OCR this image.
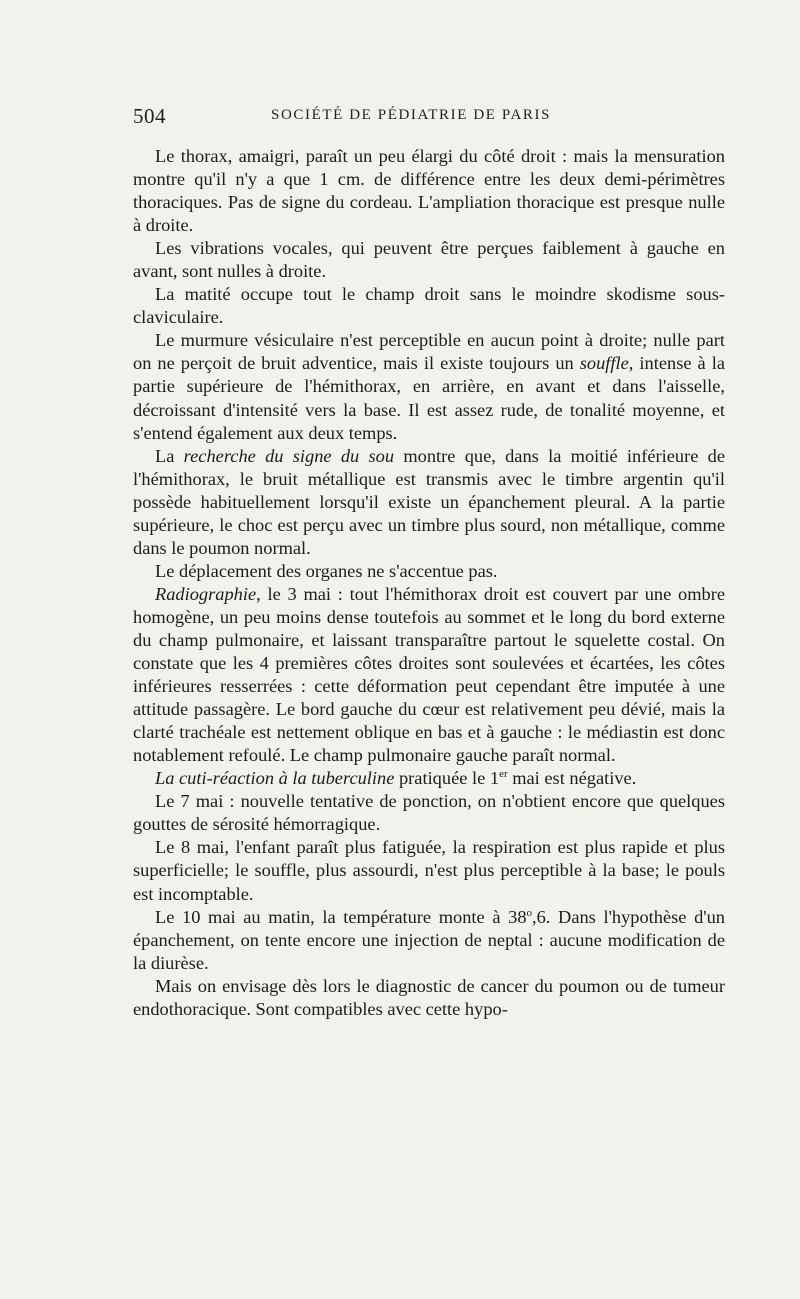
504	SOCIÉTÉ DE PÉDIATRIE DE PARIS

Le thorax, amaigri, paraît un peu élargi du côté droit : mais la mensuration montre qu'il n'y a que 1 cm. de différence entre les deux demi-périmètres thoraciques. Pas de signe du cordeau. L'ampliation thoracique est presque nulle à droite.

Les vibrations vocales, qui peuvent être perçues faiblement à gauche en avant, sont nulles à droite.

La matité occupe tout le champ droit sans le moindre skodisme sous-claviculaire.

Le murmure vésiculaire n'est perceptible en aucun point à droite; nulle part on ne perçoit de bruit adventice, mais il existe toujours un souffle, intense à la partie supérieure de l'hémithorax, en arrière, en avant et dans l'aisselle, décroissant d'intensité vers la base. Il est assez rude, de tonalité moyenne, et s'entend également aux deux temps.

La recherche du signe du sou montre que, dans la moitié inférieure de l'hémithorax, le bruit métallique est transmis avec le timbre argentin qu'il possède habituellement lorsqu'il existe un épanchement pleural. A la partie supérieure, le choc est perçu avec un timbre plus sourd, non métallique, comme dans le poumon normal.

Le déplacement des organes ne s'accentue pas.

Radiographie, le 3 mai : tout l'hémithorax droit est couvert par une ombre homogène, un peu moins dense toutefois au sommet et le long du bord externe du champ pulmonaire, et laissant transparaître partout le squelette costal. On constate que les 4 premières côtes droites sont soulevées et écartées, les côtes inférieures resserrées : cette déformation peut cependant être imputée à une attitude passagère. Le bord gauche du cœur est relativement peu dévié, mais la clarté trachéale est nettement oblique en bas et à gauche : le médiastin est donc notablement refoulé. Le champ pulmonaire gauche paraît normal.

La cuti-réaction à la tuberculine pratiquée le 1er mai est négative.

Le 7 mai : nouvelle tentative de ponction, on n'obtient encore que quelques gouttes de sérosité hémorragique.

Le 8 mai, l'enfant paraît plus fatiguée, la respiration est plus rapide et plus superficielle; le souffle, plus assourdi, n'est plus perceptible à la base; le pouls est incomptable.

Le 10 mai au matin, la température monte à 38$^o$,6. Dans l'hypothèse d'un épanchement, on tente encore une injection de neptal : aucune modification de la diurèse.

Mais on envisage dès lors le diagnostic de cancer du poumon ou de tumeur endothoracique. Sont compatibles avec cette hypo-
